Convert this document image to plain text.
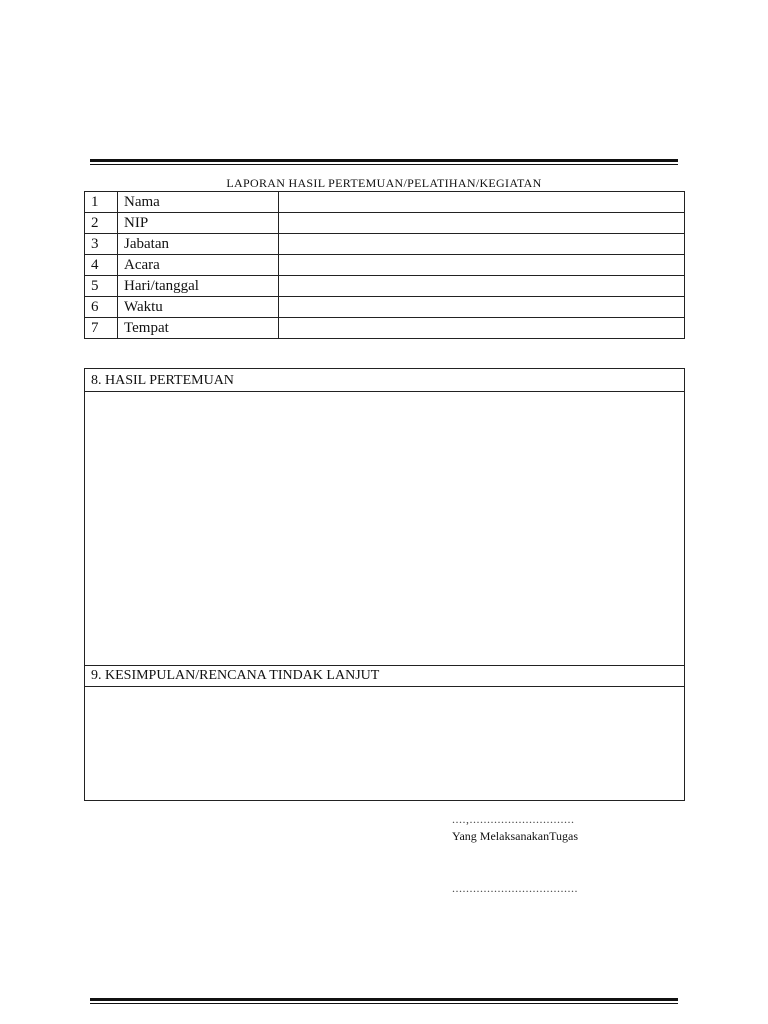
LAPORAN HASIL PERTEMUAN/PELATIHAN/KEGIATAN
1	Nama	
2	NIP	
3	Jabatan	
4	Acara	
5	Hari/tanggal	
6	Waktu	
7	Tempat	
8. HASIL PERTEMUAN
9. KESIMPULAN/RENCANA TINDAK LANJUT
....,..............................
Yang MelaksanakanTugas
....................................
